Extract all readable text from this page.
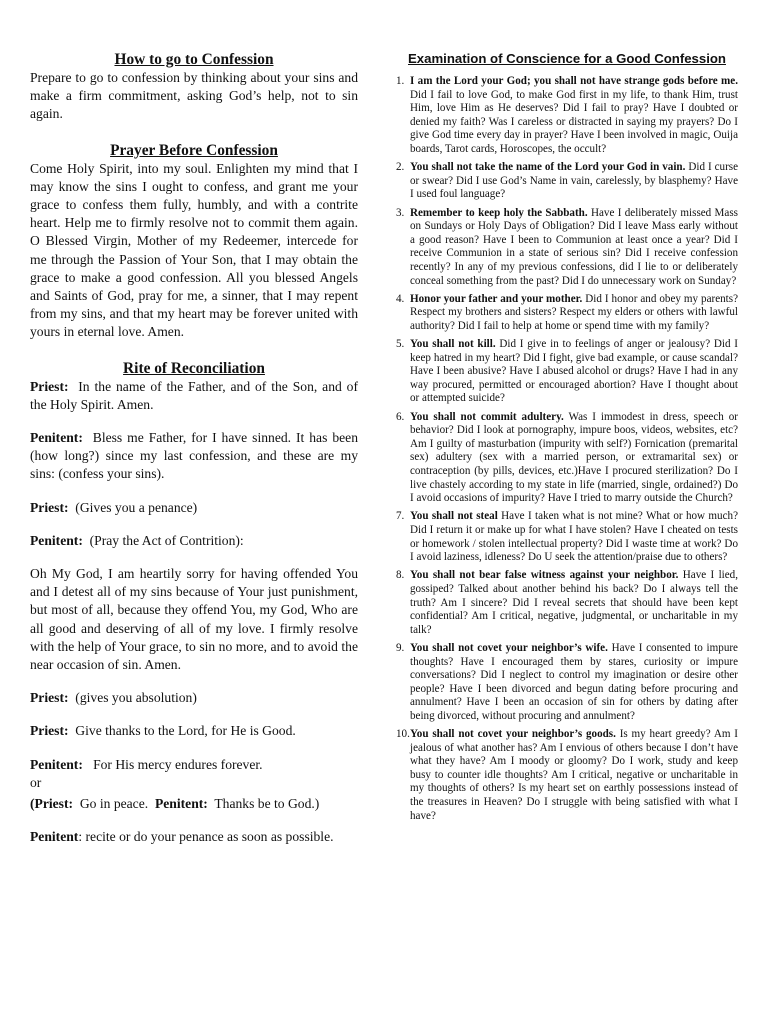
How to go to Confession

Prepare to go to confession by thinking about your sins and make a firm commitment, asking God’s help, not to sin again.

Prayer Before Confession

Come Holy Spirit, into my soul. Enlighten my mind that I may know the sins I ought to confess, and grant me your grace to confess them fully, humbly, and with a contrite heart. Help me to firmly resolve not to commit them again. O Blessed Virgin, Mother of my Redeemer, intercede for me through the Passion of Your Son, that I may obtain the grace to make a good confession. All you blessed Angels and Saints of God, pray for me, a sinner, that I may repent from my sins, and that my heart may be forever united with yours in eternal love. Amen.

Rite of Reconciliation

Priest: In the name of the Father, and of the Son, and of the Holy Spirit. Amen.

Penitent: Bless me Father, for I have sinned. It has been (how long?) since my last confession, and these are my sins: (confess your sins).

Priest: (Gives you a penance)

Penitent: (Pray the Act of Contrition):

Oh My God, I am heartily sorry for having offended You and I detest all of my sins because of Your just punishment, but most of all, because they offend You, my God, Who are all good and deserving of all of my love. I firmly resolve with the help of Your grace, to sin no more, and to avoid the near occasion of sin. Amen.

Priest: (gives you absolution)

Priest: Give thanks to the Lord, for He is Good.

Penitent: For His mercy endures forever.

or

(Priest: Go in peace. Penitent: Thanks be to God.)

Penitent: recite or do your penance as soon as possible.

Examination of Conscience for a Good Confession
1. I am the Lord your God; you shall not have strange gods before me. Did I fail to love God, to make God first in my life, to thank Him, trust Him, love Him as He deserves? Did I fail to pray? Have I doubted or denied my faith? Was I careless or distracted in saying my prayers? Do I give God time every day in prayer? Have I been involved in magic, Ouija boards, Tarot cards, Horoscopes, the occult?
2. You shall not take the name of the Lord your God in vain. Did I curse or swear? Did I use God’s Name in vain, carelessly, by blasphemy? Have I used foul language?
3. Remember to keep holy the Sabbath. Have I deliberately missed Mass on Sundays or Holy Days of Obligation? Did I leave Mass early without a good reason? Have I been to Communion at least once a year? Did I receive Communion in a state of serious sin? Did I receive confession recently? In any of my previous confessions, did I lie to or deliberately conceal something from the past? Did I do unnecessary work on Sunday?
4. Honor your father and your mother. Did I honor and obey my parents? Respect my brothers and sisters? Respect my elders or others with lawful authority? Did I fail to help at home or spend time with my family?
5. You shall not kill. Did I give in to feelings of anger or jealousy? Did I keep hatred in my heart? Did I fight, give bad example, or cause scandal? Have I been abusive? Have I abused alcohol or drugs? Have I had in any way procured, permitted or encouraged abortion? Have I thought about or attempted suicide?
6. You shall not commit adultery. Was I immodest in dress, speech or behavior? Did I look at pornography, impure boos, videos, websites, etc? Am I guilty of masturbation (impurity with self?) Fornication (premarital sex) adultery (sex with a married person, or extramarital sex) or contraception (by pills, devices, etc.)Have I procured sterilization? Do I live chastely according to my state in life (married, single, ordained?) Do I avoid occasions of impurity? Have I tried to marry outside the Church?
7. You shall not steal Have I taken what is not mine? What or how much? Did I return it or make up for what I have stolen? Have I cheated on tests or homework / stolen intellectual property? Did I waste time at work? Do I avoid laziness, idleness? Do U seek the attention/praise due to others?
8. You shall not bear false witness against your neighbor. Have I lied, gossiped? Talked about another behind his back? Do I always tell the truth? Am I sincere? Did I reveal secrets that should have been kept confidential? Am I critical, negative, judgmental, or uncharitable in my talk?
9. You shall not covet your neighbor’s wife. Have I consented to impure thoughts? Have I encouraged them by stares, curiosity or impure conversations? Did I neglect to control my imagination or desire other people? Have I been divorced and begun dating before procuring and annulment? Have I been an occasion of sin for others by dating after being divorced, without procuring and annulment?
10. You shall not covet your neighbor’s goods. Is my heart greedy? Am I jealous of what another has? Am I envious of others because I don’t have what they have? Am I moody or gloomy? Do I work, study and keep busy to counter idle thoughts? Am I critical, negative or uncharitable in my thoughts of others? Is my heart set on earthly possessions instead of the treasures in Heaven? Do I struggle with being satisfied with what I have?
